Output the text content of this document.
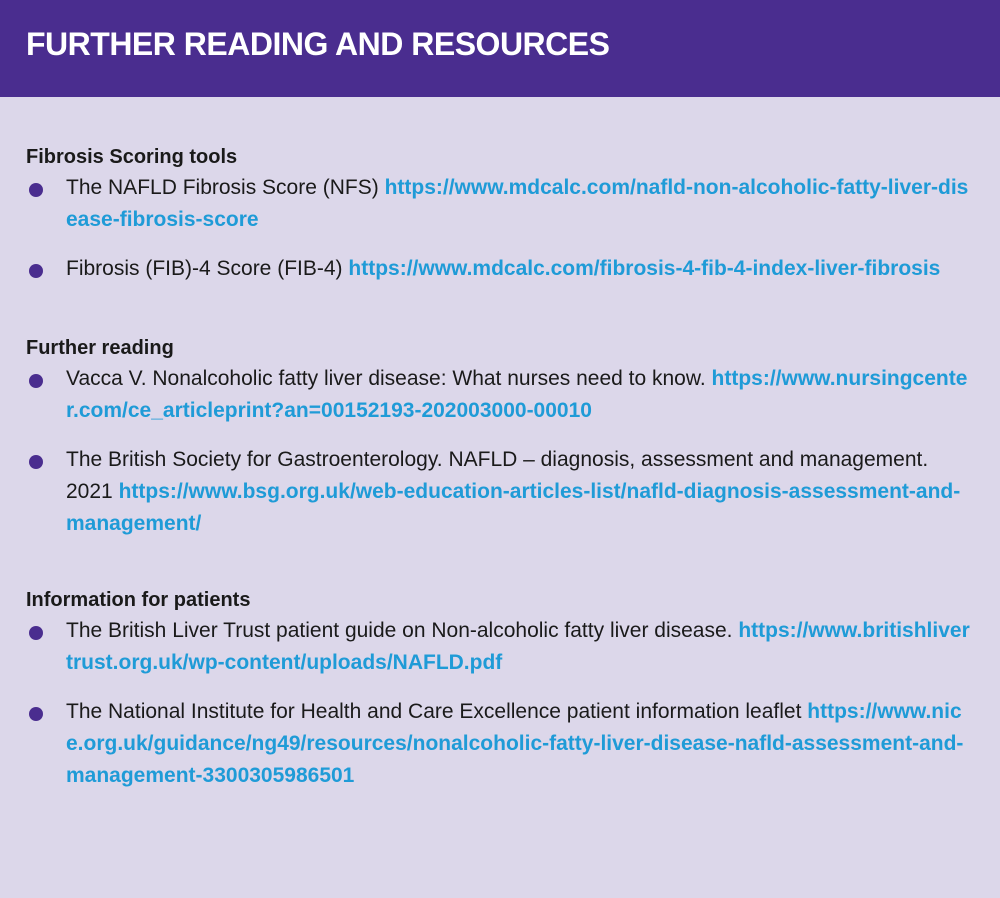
FURTHER READING AND RESOURCES
Fibrosis Scoring tools
The NAFLD Fibrosis Score (NFS) https://www.mdcalc.com/nafld-non-alcoholic-fatty-liver-disease-fibrosis-score
Fibrosis (FIB)-4 Score (FIB-4) https://www.mdcalc.com/fibrosis-4-fib-4-index-liver-fibrosis
Further reading
Vacca V. Nonalcoholic fatty liver disease: What nurses need to know. https://www.nursingcenter.com/ce_articleprint?an=00152193-202003000-00010
The British Society for Gastroenterology. NAFLD – diagnosis, assessment and management. 2021 https://www.bsg.org.uk/web-education-articles-list/nafld-diagnosis-assessment-and-management/
Information for patients
The British Liver Trust patient guide on Non-alcoholic fatty liver disease. https://www.britishlivertrust.org.uk/wp-content/uploads/NAFLD.pdf
The National Institute for Health and Care Excellence patient information leaflet https://www.nice.org.uk/guidance/ng49/resources/nonalcoholic-fatty-liver-disease-nafld-assessment-and-management-3300305986501
